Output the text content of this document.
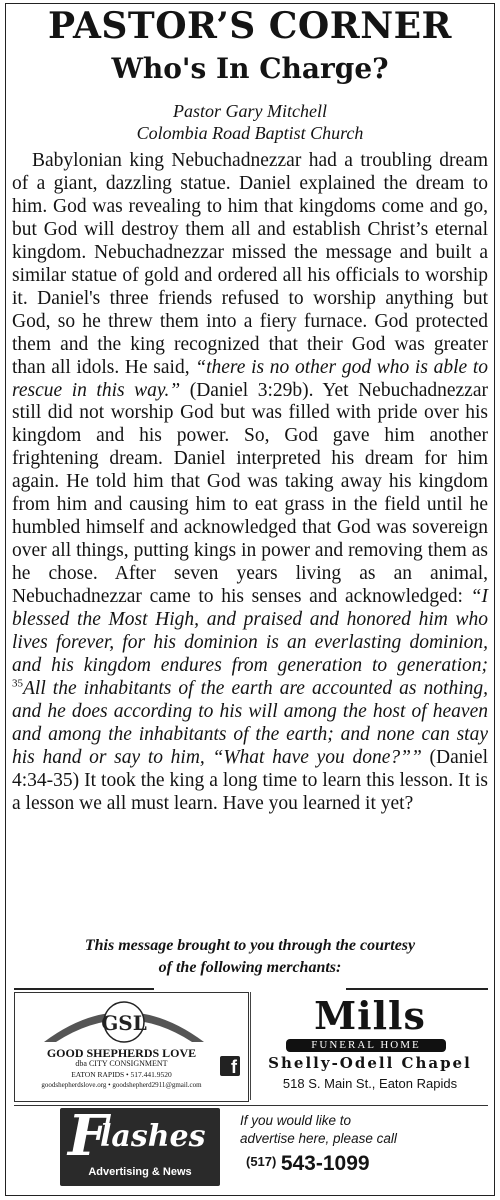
PASTOR’S CORNER
Who's In Charge?
Pastor Gary Mitchell
Colombia Road Baptist Church
Babylonian king Nebuchadnezzar had a troubling dream of a giant, dazzling statue. Daniel explained the dream to him. God was revealing to him that kingdoms come and go, but God will destroy them all and establish Christ’s eternal kingdom. Nebuchadnezzar missed the message and built a similar statue of gold and ordered all his officials to worship it. Daniel's three friends refused to worship anything but God, so he threw them into a fiery furnace. God protected them and the king recognized that their God was greater than all idols. He said, “there is no other god who is able to rescue in this way.” (Daniel 3:29b). Yet Nebuchadnezzar still did not worship God but was filled with pride over his kingdom and his power. So, God gave him another frightening dream. Daniel interpreted his dream for him again. He told him that God was taking away his kingdom from him and causing him to eat grass in the field until he humbled himself and acknowledged that God was sovereign over all things, putting kings in power and removing them as he chose. After seven years living as an animal, Nebuchadnezzar came to his senses and acknowledged: “I blessed the Most High, and praised and honored him who lives forever, for his dominion is an everlasting dominion, and his kingdom endures from generation to generation; $^{35}$All the inhabitants of the earth are accounted as nothing, and he does according to his will among the host of heaven and among the inhabitants of the earth; and none can stay his hand or say to him, “What have you done?”” (Daniel 4:34-35) It took the king a long time to learn this lesson. It is a lesson we all must learn. Have you learned it yet?
This message brought to you through the courtesy
of the following merchants:
GSL
GOOD SHEPHERDS LOVE
dba CITY CONSIGNMENT
EATON RAPIDS • 517.441.9520
goodshepherdslove.org • goodshepherd2911@gmail.com
f
Mills
FUNERAL HOME
Shelly-Odell Chapel
518 S. Main St., Eaton Rapids
F
lashes
Advertising & News
If you would like to
advertise here, please call
$^{(517)}$ 543-1099
